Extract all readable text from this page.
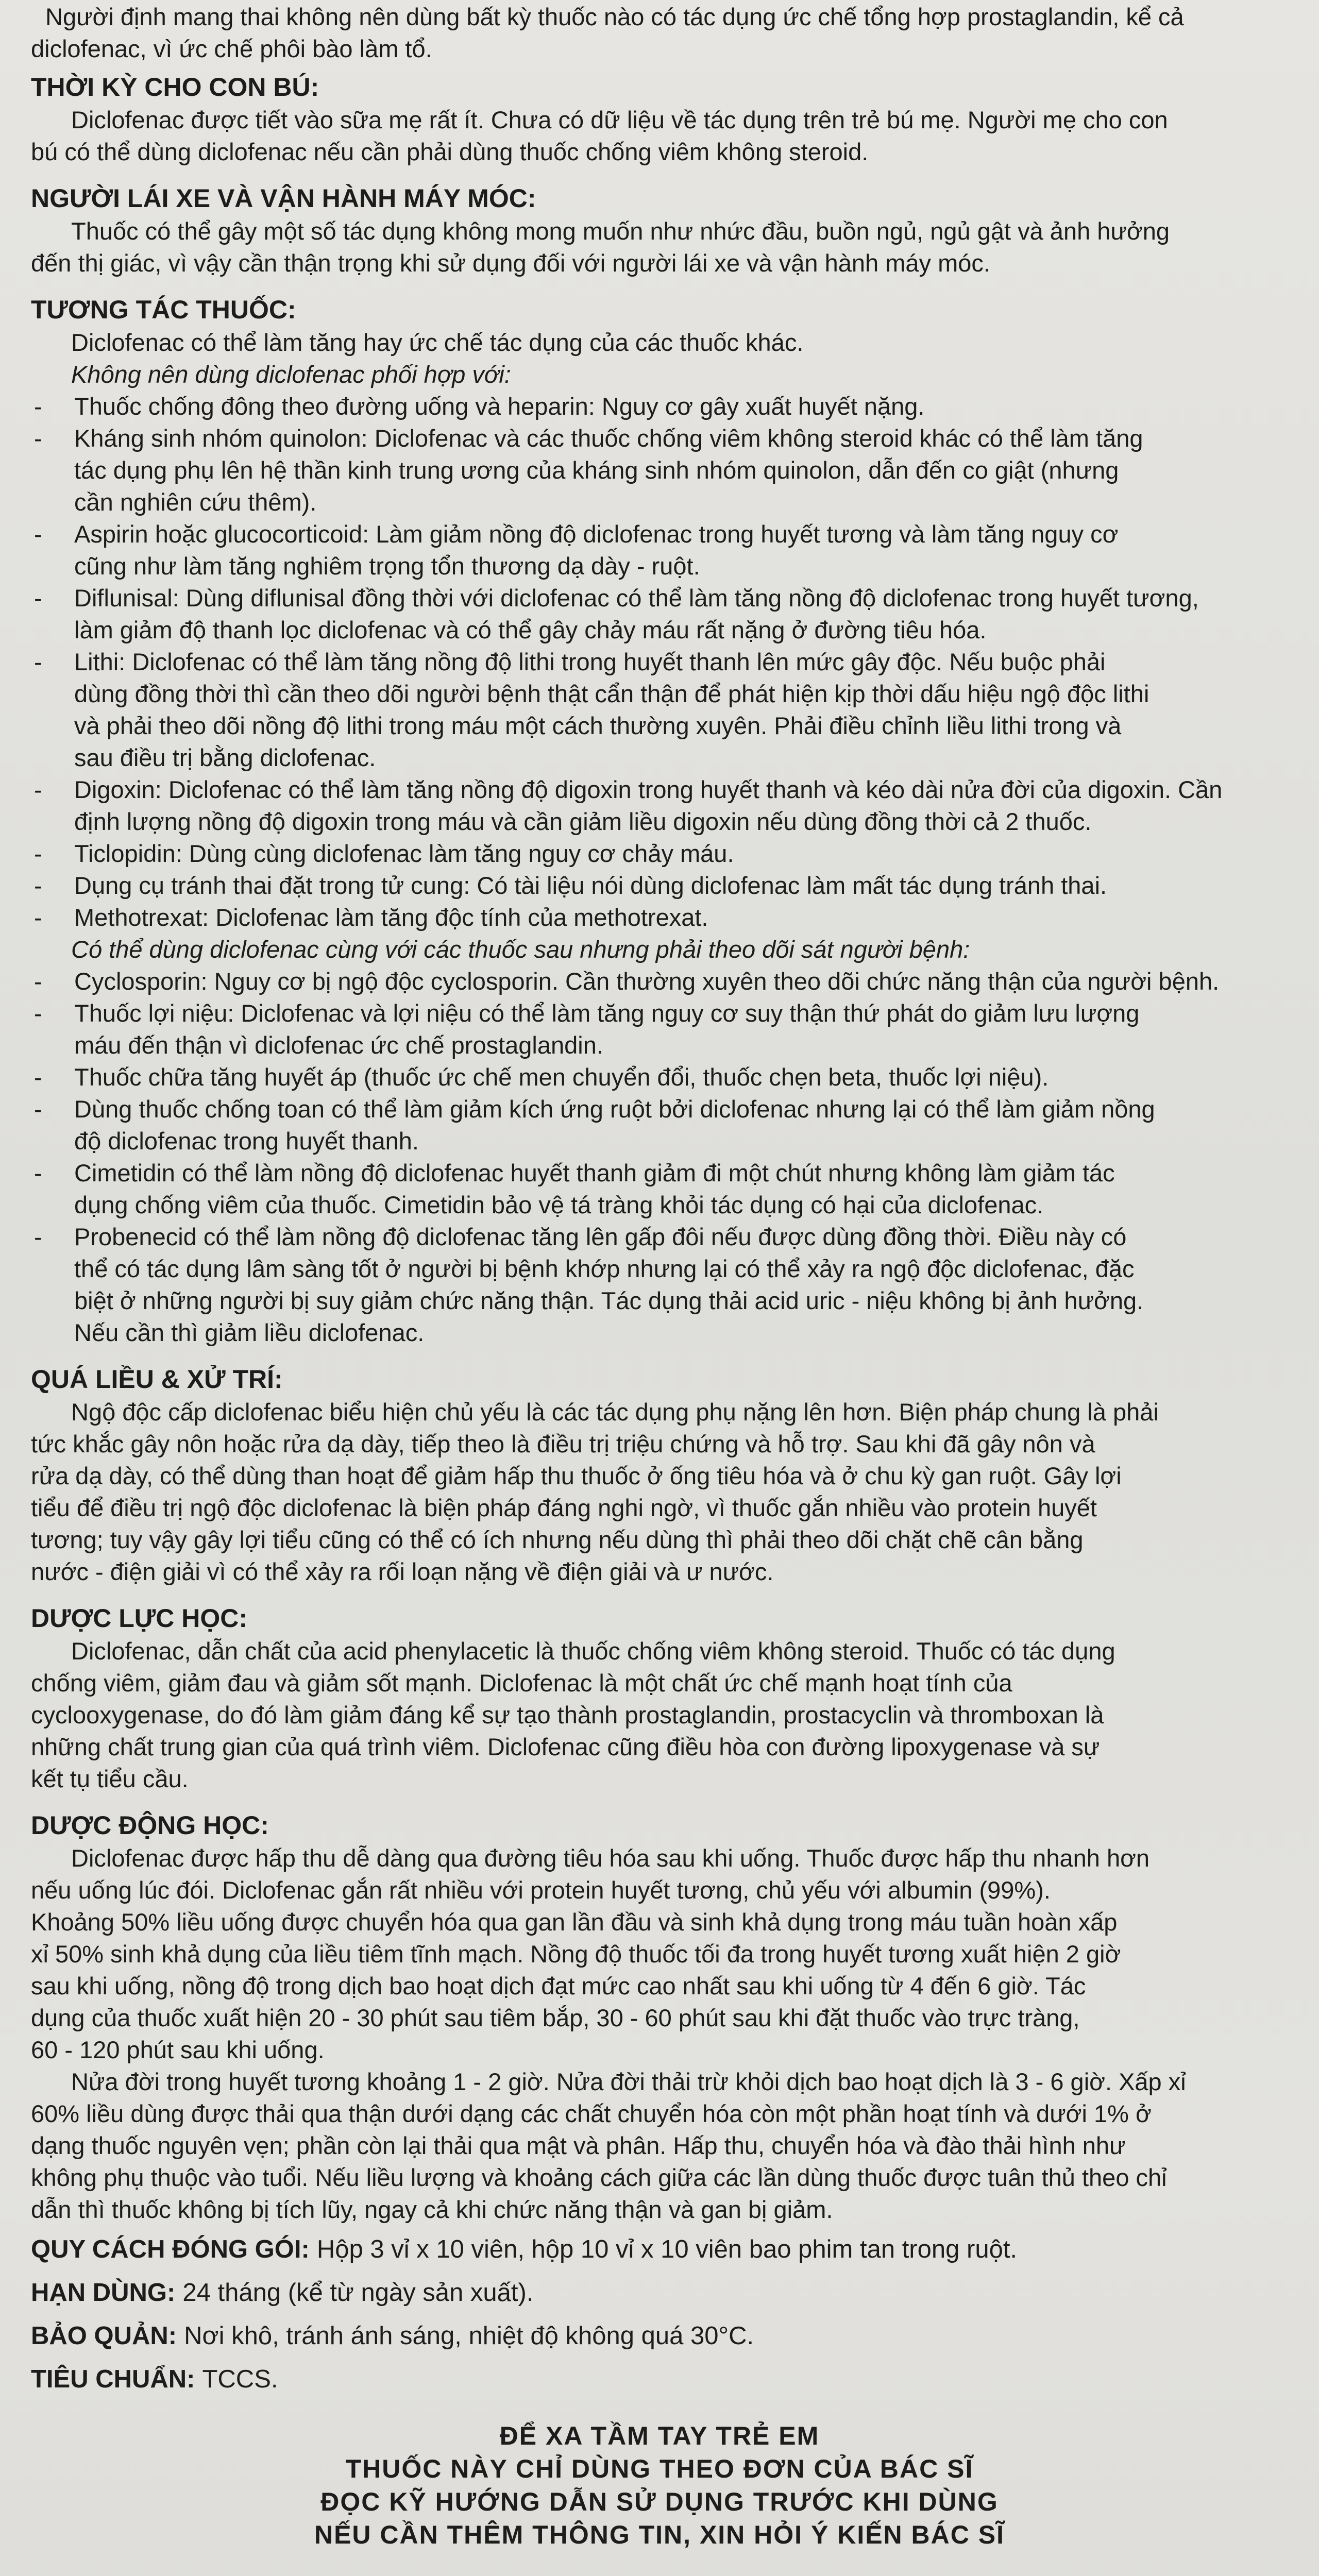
Người định mang thai không nên dùng bất kỳ thuốc nào có tác dụng ức chế tổng hợp prostaglandin, kể cả

diclofenac, vì ức chế phôi bào làm tổ.

THỜI KỲ CHO CON BÚ:

Diclofenac được tiết vào sữa mẹ rất ít. Chưa có dữ liệu về tác dụng trên trẻ bú mẹ. Người mẹ cho con

bú có thể dùng diclofenac nếu cần phải dùng thuốc chống viêm không steroid.

NGƯỜI LÁI XE VÀ VẬN HÀNH MÁY MÓC:

Thuốc có thể gây một số tác dụng không mong muốn như nhức đầu, buồn ngủ, ngủ gật và ảnh hưởng

đến thị giác, vì vậy cần thận trọng khi sử dụng đối với người lái xe và vận hành máy móc.

TƯƠNG TÁC THUỐC:

Diclofenac có thể làm tăng hay ức chế tác dụng của các thuốc khác.

Không nên dùng diclofenac phối hợp với:

-	Thuốc chống đông theo đường uống và heparin: Nguy cơ gây xuất huyết nặng.

-	Kháng sinh nhóm quinolon: Diclofenac và các thuốc chống viêm không steroid khác có thể làm tăng

tác dụng phụ lên hệ thần kinh trung ương của kháng sinh nhóm quinolon, dẫn đến co giật (nhưng

cần nghiên cứu thêm).

-	Aspirin hoặc glucocorticoid: Làm giảm nồng độ diclofenac trong huyết tương và làm tăng nguy cơ

cũng như làm tăng nghiêm trọng tổn thương dạ dày - ruột.

-	Diflunisal: Dùng diflunisal đồng thời với diclofenac có thể làm tăng nồng độ diclofenac trong huyết tương,

làm giảm độ thanh lọc diclofenac và có thể gây chảy máu rất nặng ở đường tiêu hóa.

-	Lithi: Diclofenac có thể làm tăng nồng độ lithi trong huyết thanh lên mức gây độc. Nếu buộc phải

dùng đồng thời thì cần theo dõi người bệnh thật cẩn thận để phát hiện kịp thời dấu hiệu ngộ độc lithi

và phải theo dõi nồng độ lithi trong máu một cách thường xuyên. Phải điều chỉnh liều lithi trong và

sau điều trị bằng diclofenac.

-	Digoxin: Diclofenac có thể làm tăng nồng độ digoxin trong huyết thanh và kéo dài nửa đời của digoxin. Cần

định lượng nồng độ digoxin trong máu và cần giảm liều digoxin nếu dùng đồng thời cả 2 thuốc.

-	Ticlopidin: Dùng cùng diclofenac làm tăng nguy cơ chảy máu.

-	Dụng cụ tránh thai đặt trong tử cung: Có tài liệu nói dùng diclofenac làm mất tác dụng tránh thai.

-	Methotrexat: Diclofenac làm tăng độc tính của methotrexat.

Có thể dùng diclofenac cùng với các thuốc sau nhưng phải theo dõi sát người bệnh:

-	Cyclosporin: Nguy cơ bị ngộ độc cyclosporin. Cần thường xuyên theo dõi chức năng thận của người bệnh.

-	Thuốc lợi niệu: Diclofenac và lợi niệu có thể làm tăng nguy cơ suy thận thứ phát do giảm lưu lượng

máu đến thận vì diclofenac ức chế prostaglandin.

-	Thuốc chữa tăng huyết áp (thuốc ức chế men chuyển đổi, thuốc chẹn beta, thuốc lợi niệu).

-	Dùng thuốc chống toan có thể làm giảm kích ứng ruột bởi diclofenac nhưng lại có thể làm giảm nồng

độ diclofenac trong huyết thanh.

-	Cimetidin có thể làm nồng độ diclofenac huyết thanh giảm đi một chút nhưng không làm giảm tác

dụng chống viêm của thuốc. Cimetidin bảo vệ tá tràng khỏi tác dụng có hại của diclofenac.

-	Probenecid có thể làm nồng độ diclofenac tăng lên gấp đôi nếu được dùng đồng thời. Điều này có

thể có tác dụng lâm sàng tốt ở người bị bệnh khớp nhưng lại có thể xảy ra ngộ độc diclofenac, đặc

biệt ở những người bị suy giảm chức năng thận. Tác dụng thải acid uric - niệu không bị ảnh hưởng.

Nếu cần thì giảm liều diclofenac.

QUÁ LIỀU & XỬ TRÍ:

Ngộ độc cấp diclofenac biểu hiện chủ yếu là các tác dụng phụ nặng lên hơn. Biện pháp chung là phải

tức khắc gây nôn hoặc rửa dạ dày, tiếp theo là điều trị triệu chứng và hỗ trợ. Sau khi đã gây nôn và

rửa dạ dày, có thể dùng than hoạt để giảm hấp thu thuốc ở ống tiêu hóa và ở chu kỳ gan ruột. Gây lợi

tiểu để điều trị ngộ độc diclofenac là biện pháp đáng nghi ngờ, vì thuốc gắn nhiều vào protein huyết

tương; tuy vậy gây lợi tiểu cũng có thể có ích nhưng nếu dùng thì phải theo dõi chặt chẽ cân bằng

nước - điện giải vì có thể xảy ra rối loạn nặng về điện giải và ư nước.

DƯỢC LỰC HỌC:

Diclofenac, dẫn chất của acid phenylacetic là thuốc chống viêm không steroid. Thuốc có tác dụng

chống viêm, giảm đau và giảm sốt mạnh. Diclofenac là một chất ức chế mạnh hoạt tính của

cyclooxygenase, do đó làm giảm đáng kể sự tạo thành prostaglandin, prostacyclin và thromboxan là

những chất trung gian của quá trình viêm. Diclofenac cũng điều hòa con đường lipoxygenase và sự

kết tụ tiểu cầu.

DƯỢC ĐỘNG HỌC:

Diclofenac được hấp thu dễ dàng qua đường tiêu hóa sau khi uống. Thuốc được hấp thu nhanh hơn

nếu uống lúc đói. Diclofenac gắn rất nhiều với protein huyết tương, chủ yếu với albumin (99%).

Khoảng 50% liều uống được chuyển hóa qua gan lần đầu và sinh khả dụng trong máu tuần hoàn xấp

xỉ 50% sinh khả dụng của liều tiêm tĩnh mạch. Nồng độ thuốc tối đa trong huyết tương xuất hiện 2 giờ

sau khi uống, nồng độ trong dịch bao hoạt dịch đạt mức cao nhất sau khi uống từ 4 đến 6 giờ. Tác

dụng của thuốc xuất hiện 20 - 30 phút sau tiêm bắp, 30 - 60 phút sau khi đặt thuốc vào trực tràng,

60 - 120 phút sau khi uống.

Nửa đời trong huyết tương khoảng 1 - 2 giờ. Nửa đời thải trừ khỏi dịch bao hoạt dịch là 3 - 6 giờ. Xấp xỉ

60% liều dùng được thải qua thận dưới dạng các chất chuyển hóa còn một phần hoạt tính và dưới 1% ở

dạng thuốc nguyên vẹn; phần còn lại thải qua mật và phân. Hấp thu, chuyển hóa và đào thải hình như

không phụ thuộc vào tuổi. Nếu liều lượng và khoảng cách giữa các lần dùng thuốc được tuân thủ theo chỉ

dẫn thì thuốc không bị tích lũy, ngay cả khi chức năng thận và gan bị giảm.

QUY CÁCH ĐÓNG GÓI: Hộp 3 vỉ x 10 viên, hộp 10 vỉ x 10 viên bao phim tan trong ruột.
HẠN DÙNG: 24 tháng (kể từ ngày sản xuất).
BẢO QUẢN: Nơi khô, tránh ánh sáng, nhiệt độ không quá 30°C.
TIÊU CHUẨN: TCCS.

ĐỂ XA TẦM TAY TRẺ EM

THUỐC NÀY CHỈ DÙNG THEO ĐƠN CỦA BÁC SĨ

ĐỌC KỸ HƯỚNG DẪN SỬ DỤNG TRƯỚC KHI DÙNG

NẾU CẦN THÊM THÔNG TIN, XIN HỎI Ý KIẾN BÁC SĨ
